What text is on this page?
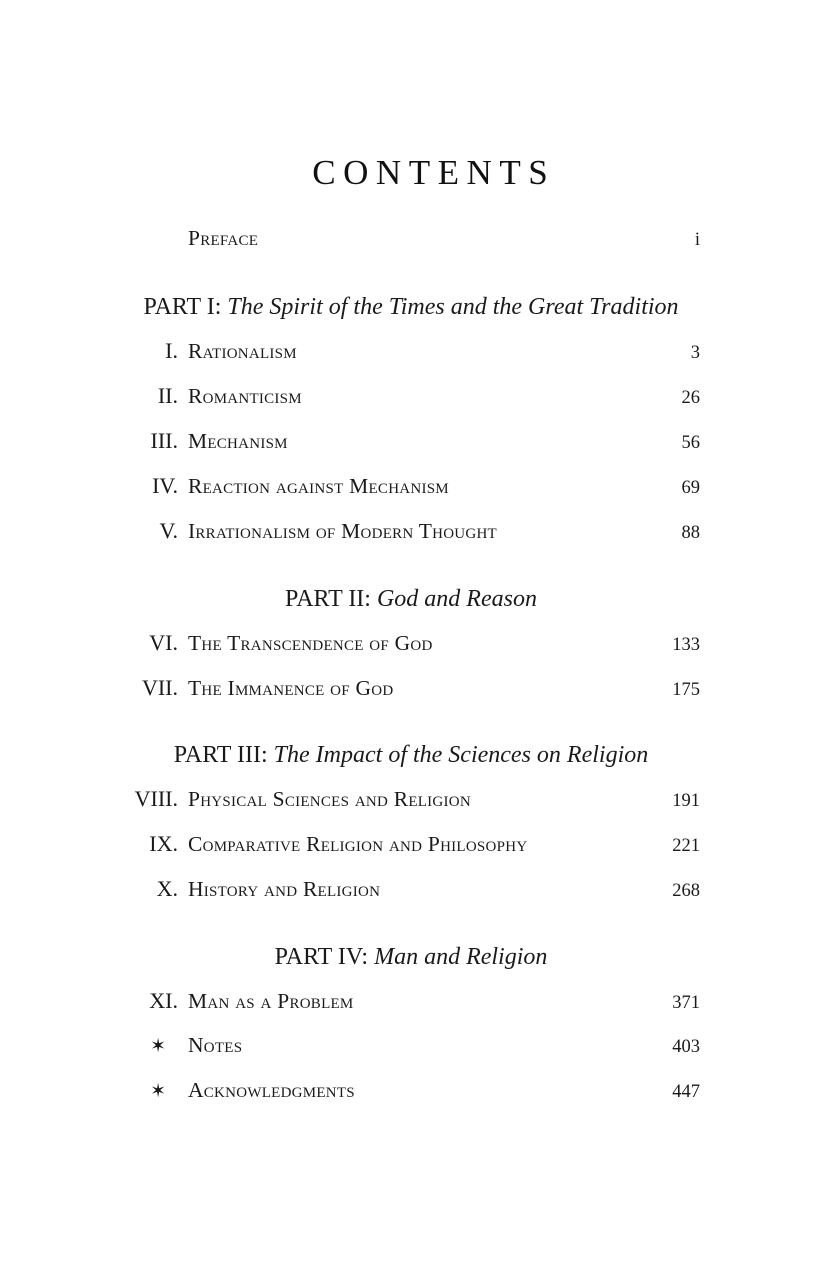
CONTENTS
Preface	i
PART I: The Spirit of the Times and the Great Tradition
I. Rationalism	3
II. Romanticism	26
III. Mechanism	56
IV. Reaction against Mechanism	69
V. Irrationalism of Modern Thought	88
PART II: God and Reason
VI. The Transcendence of God	133
VII. The Immanence of God	175
PART III: The Impact of the Sciences on Religion
VIII. Physical Sciences and Religion	191
IX. Comparative Religion and Philosophy	221
X. History and Religion	268
PART IV: Man and Religion
XI. Man as a Problem	371
✶	Notes	403
✶	Acknowledgments	447
